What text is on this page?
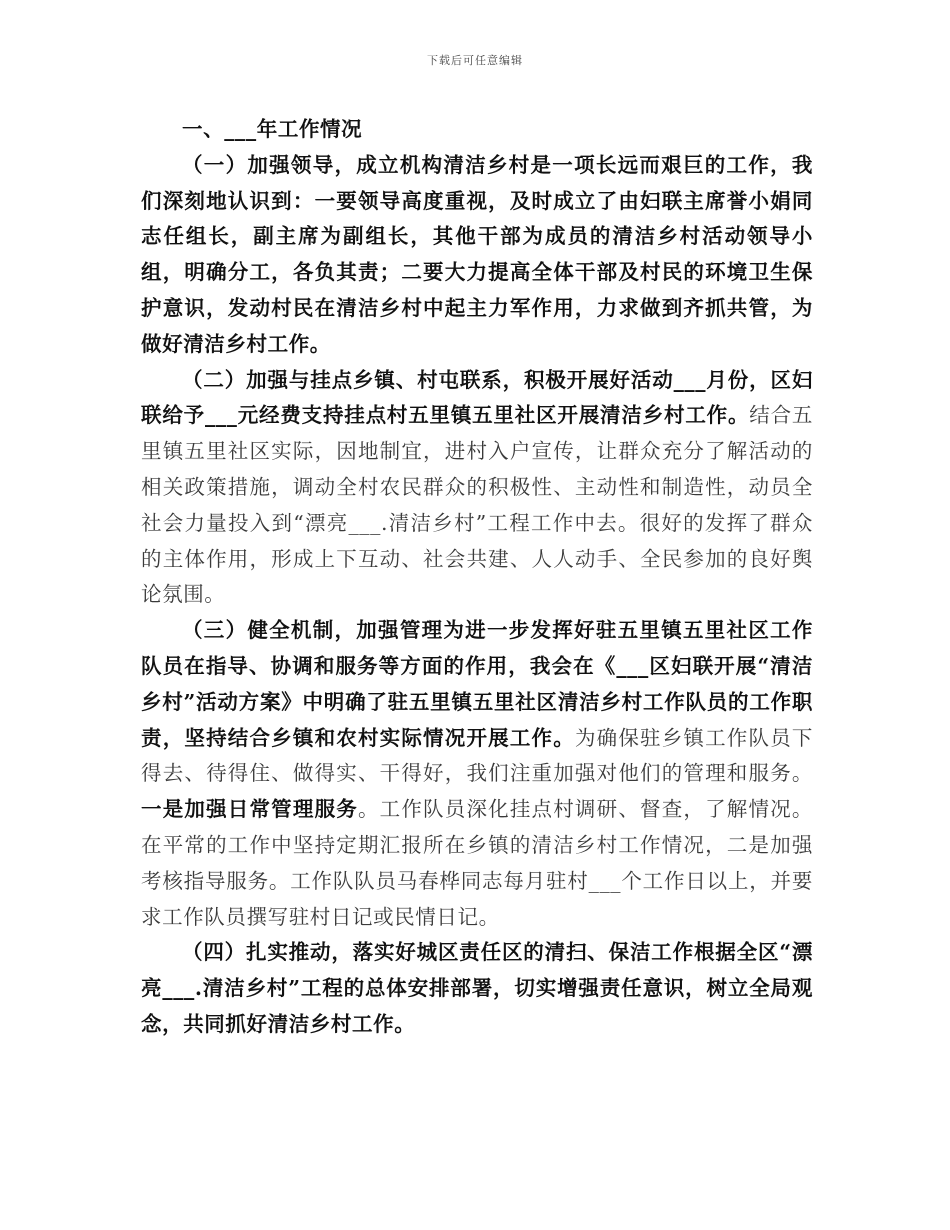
下载后可任意编辑

一、___年工作情况

（一）加强领导，成立机构清洁乡村是一项长远而艰巨的工作，我们深刻地认识到：一要领导高度重视，及时成立了由妇联主席誉小娟同志任组长，副主席为副组长，其他干部为成员的清洁乡村活动领导小组，明确分工，各负其责；二要大力提高全体干部及村民的环境卫生保护意识，发动村民在清洁乡村中起主力军作用，力求做到齐抓共管，为做好清洁乡村工作。

（二）加强与挂点乡镇、村屯联系，积极开展好活动___月份，区妇联给予___元经费支持挂点村五里镇五里社区开展清洁乡村工作。结合五里镇五里社区实际，因地制宜，进村入户宣传，让群众充分了解活动的相关政策措施，调动全村农民群众的积极性、主动性和制造性，动员全社会力量投入到“漂亮___.清洁乡村”工程工作中去。很好的发挥了群众的主体作用，形成上下互动、社会共建、人人动手、全民参加的良好舆论氛围。

（三）健全机制，加强管理为进一步发挥好驻五里镇五里社区工作队员在指导、协调和服务等方面的作用，我会在《___区妇联开展“清洁乡村”活动方案》中明确了驻五里镇五里社区清洁乡村工作队员的工作职责，坚持结合乡镇和农村实际情况开展工作。为确保驻乡镇工作队员下得去、待得住、做得实、干得好，我们注重加强对他们的管理和服务。一是加强日常管理服务。工作队员深化挂点村调研、督查，了解情况。在平常的工作中坚持定期汇报所在乡镇的清洁乡村工作情况，二是加强考核指导服务。工作队队员马春桦同志每月驻村___个工作日以上，并要求工作队员撰写驻村日记或民情日记。

（四）扎实推动，落实好城区责任区的清扫、保洁工作根据全区“漂亮___.清洁乡村”工程的总体安排部署，切实增强责任意识，树立全局观念，共同抓好清洁乡村工作。
